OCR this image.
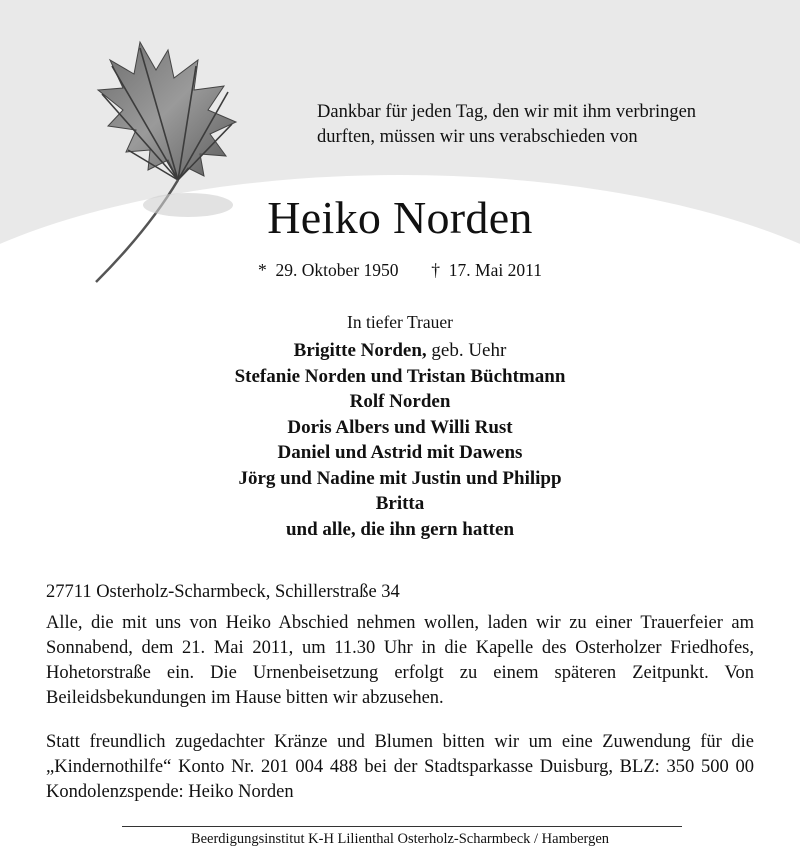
Dankbar für jeden Tag, den wir mit ihm verbringen
durften, müssen wir uns verabschieden von
Heiko Norden
* 29. Oktober 1950 † 17. Mai 2011
In tiefer Trauer
Brigitte Norden, geb. Uehr
Stefanie Norden und Tristan Büchtmann
Rolf Norden
Doris Albers und Willi Rust
Daniel und Astrid mit Dawens
Jörg und Nadine mit Justin und Philipp
Britta
und alle, die ihn gern hatten
27711 Osterholz-Scharmbeck, Schillerstraße 34
Alle, die mit uns von Heiko Abschied nehmen wollen, laden wir zu einer Trauerfeier am Sonnabend, dem 21. Mai 2011, um 11.30 Uhr in die Kapelle des Osterholzer Friedhofes, Hohetorstraße ein. Die Urnenbeisetzung erfolgt zu einem späteren Zeitpunkt. Von Beileidsbekundungen im Hause bitten wir abzusehen.
Statt freundlich zugedachter Kränze und Blumen bitten wir um eine Zuwendung für die „Kindernothilfe“ Konto Nr. 201 004 488 bei der Stadtsparkasse Duisburg, BLZ: 350 500 00 Kondolenzspende: Heiko Norden
Beerdigungsinstitut K-H Lilienthal Osterholz-Scharmbeck / Hambergen
